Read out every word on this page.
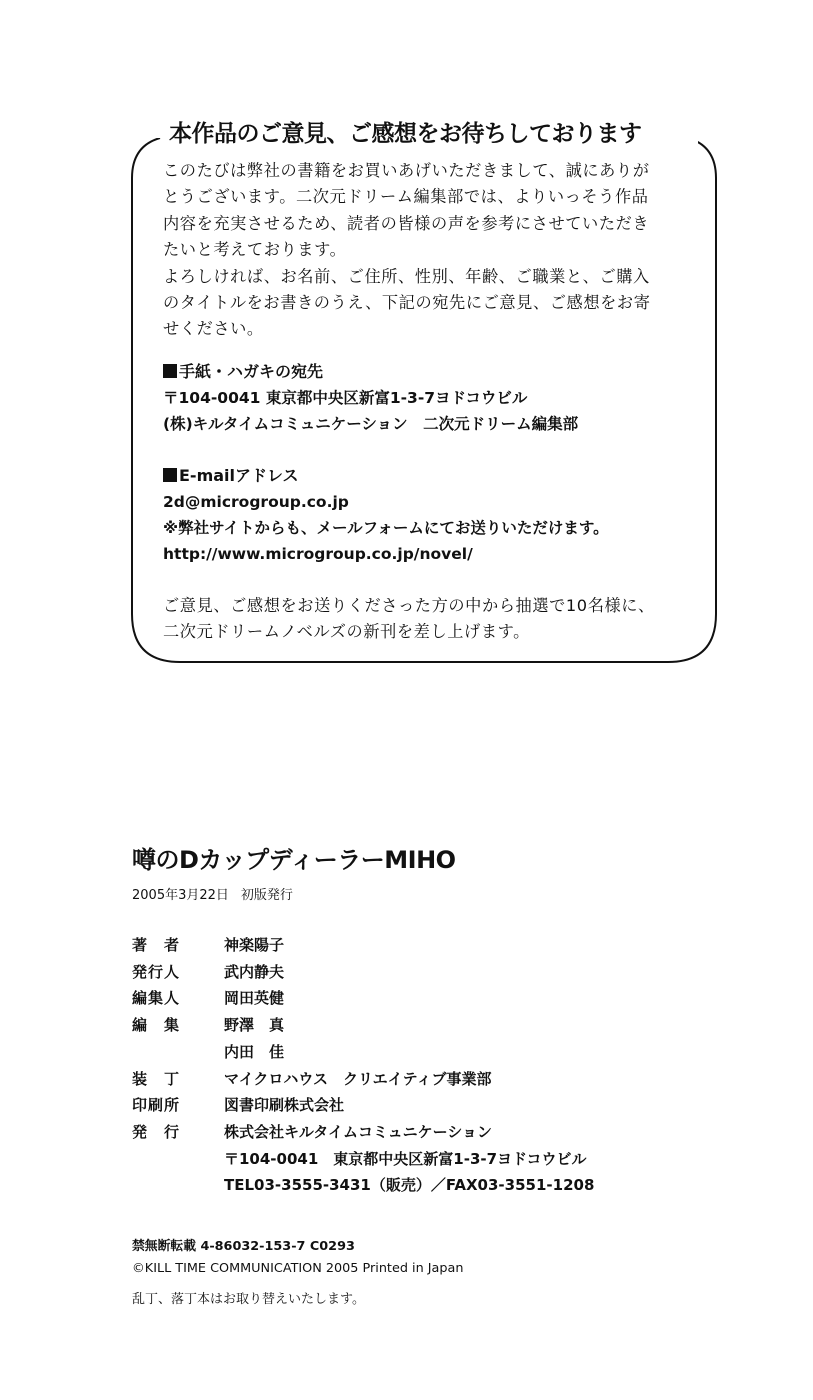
本作品のご意見、ご感想をお待ちしております
このたびは弊社の書籍をお買いあげいただきまして、誠にありが
とうございます。二次元ドリーム編集部では、よりいっそう作品
内容を充実させるため、読者の皆様の声を参考にさせていただき
たいと考えております。
よろしければ、お名前、ご住所、性別、年齢、ご職業と、ご購入
のタイトルをお書きのうえ、下記の宛先にご意見、ご感想をお寄
せください。
手紙・ハガキの宛先
〒104-0041 東京都中央区新富1-3-7ヨドコウビル
(株)キルタイムコミュニケーション　二次元ドリーム編集部
E-mailアドレス
2d@microgroup.co.jp
※弊社サイトからも、メールフォームにてお送りいただけます。
http://www.microgroup.co.jp/novel/
ご意見、ご感想をお送りくださった方の中から抽選で10名様に、
二次元ドリームノベルズの新刊を差し上げます。
噂のDカップディーラーMIHO
2005年3月22日 初版発行
著　者	神楽陽子
発行人	武内静夫
編集人	岡田英健
編　集	野澤　真
内田　佳
装　丁	マイクロハウス　クリエイティブ事業部
印刷所	図書印刷株式会社
発　行	株式会社キルタイムコミュニケーション
〒104-0041　東京都中央区新富1-3-7ヨドコウビル
TEL03-3555-3431（販売）／FAX03-3551-1208
禁無断転載 4-86032-153-7 C0293
©KILL TIME COMMUNICATION 2005 Printed in Japan
乱丁、落丁本はお取り替えいたします。
